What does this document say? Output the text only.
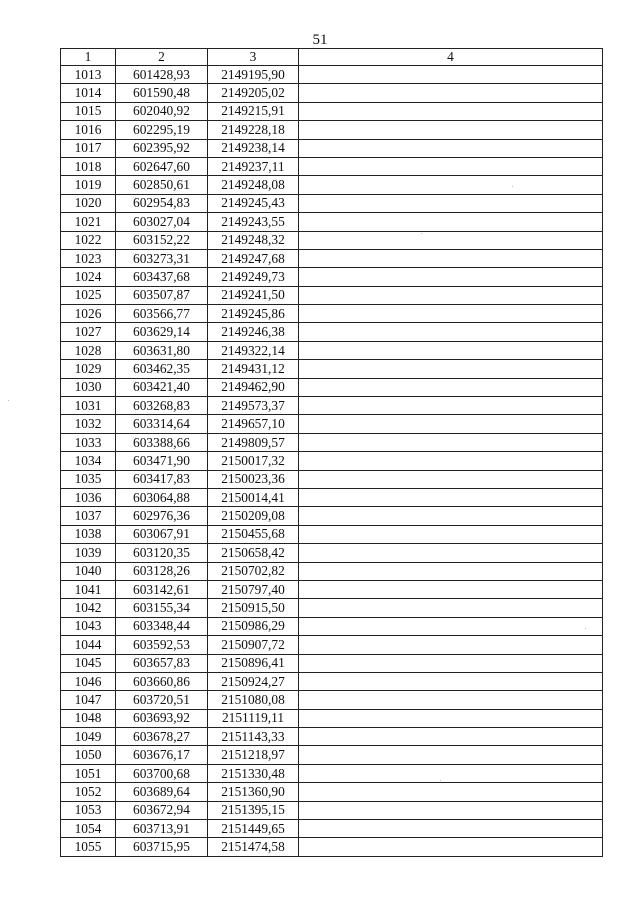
51
1	2	3	4
1013	601428,93	2149195,90	
1014	601590,48	2149205,02	
1015	602040,92	2149215,91	
1016	602295,19	2149228,18	
1017	602395,92	2149238,14	
1018	602647,60	2149237,11	
1019	602850,61	2149248,08	
1020	602954,83	2149245,43	
1021	603027,04	2149243,55	
1022	603152,22	2149248,32	
1023	603273,31	2149247,68	
1024	603437,68	2149249,73	
1025	603507,87	2149241,50	
1026	603566,77	2149245,86	
1027	603629,14	2149246,38	
1028	603631,80	2149322,14	
1029	603462,35	2149431,12	
1030	603421,40	2149462,90	
1031	603268,83	2149573,37	
1032	603314,64	2149657,10	
1033	603388,66	2149809,57	
1034	603471,90	2150017,32	
1035	603417,83	2150023,36	
1036	603064,88	2150014,41	
1037	602976,36	2150209,08	
1038	603067,91	2150455,68	
1039	603120,35	2150658,42	
1040	603128,26	2150702,82	
1041	603142,61	2150797,40	
1042	603155,34	2150915,50	
1043	603348,44	2150986,29	
1044	603592,53	2150907,72	
1045	603657,83	2150896,41	
1046	603660,86	2150924,27	
1047	603720,51	2151080,08	
1048	603693,92	2151119,11	
1049	603678,27	2151143,33	
1050	603676,17	2151218,97	
1051	603700,68	2151330,48	
1052	603689,64	2151360,90	
1053	603672,94	2151395,15	
1054	603713,91	2151449,65	
1055	603715,95	2151474,58	
